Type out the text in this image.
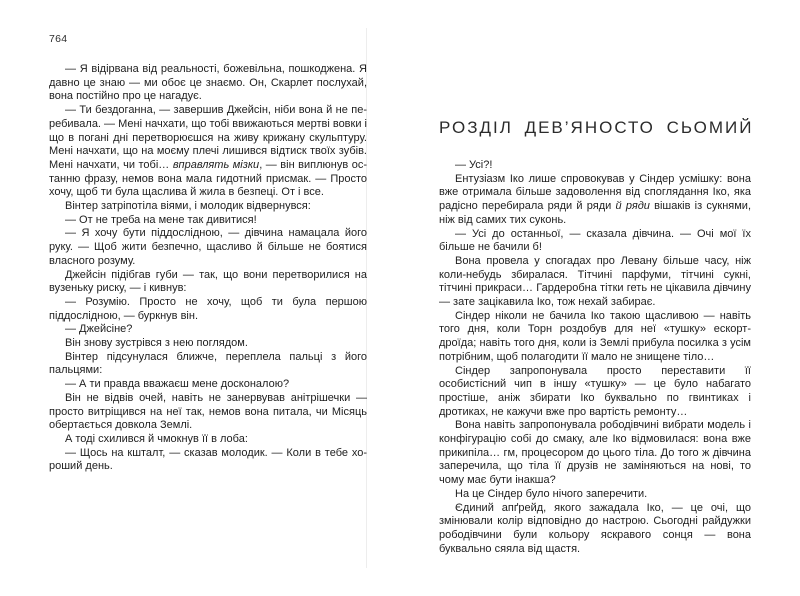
764

— Я відірвана від реальності, божевільна, пошкоджена. Я давно це знаю — ми обоє це знаємо. Он, Скарлет послухай, вона постійно про це нагадує.

— Ти бездоганна, — завершив Джейсін, ніби вона й не перебивала. — Мені начхати, що тобі ввижаються мертві вовки і що в погані дні перетворюєшся на живу крижану скульптуру. Мені начхати, що на моєму плечі лишився відтиск твоїх зубів. Мені начхати, чи тобі… вправлять мізки, — він виплюнув останню фразу, немов вона мала гидотний присмак. — Просто хочу, щоб ти була щаслива й жила в безпеці. От і все.

Вінтер затріпотіла віями, і молодик відвернувся:

— От не треба на мене так дивитися!

— Я хочу бути піддослідною, — дівчина намацала його руку. — Щоб жити безпечно, щасливо й більше не боятися власного розуму.

Джейсін підібгав губи — так, що вони перетворилися на вузеньку риску, — і кивнув:

— Розумію. Просто не хочу, щоб ти була першою піддослідною, — буркнув він.

— Джейсіне?

Він знову зустрівся з нею поглядом.

Вінтер підсунулася ближче, переплела пальці з його пальцями:

— А ти правда вважаєш мене досконалою?

Він не відвів очей, навіть не занервував анітрішечки — просто витріщився на неї так, немов вона питала, чи Місяць обертається довкола Землі.

А тоді схилився й чмокнув її в лоба:

— Щось на кшталт, — сказав молодик. — Коли в тебе хороший день.

РОЗДІЛ ДЕВ’ЯНОСТО СЬОМИЙ

— Усі?!

Ентузіазм Іко лише спровокував у Сіндер усмішку: вона вже отримала більше задоволення від споглядання Іко, яка радісно перебирала ряди й ряди й ряди вішаків із сукнями, ніж від самих тих суконь.

— Усі до останньої, — сказала дівчина. — Очі мої їх більше не бачили б!

Вона провела у спогадах про Левану більше часу, ніж коли-небудь збиралася. Тітчині парфуми, тітчині сукні, тітчині прикраси… Гардеробна тітки геть не цікавила дівчину — зате зацікавила Іко, тож нехай забирає.

Сіндер ніколи не бачила Іко такою щасливою — навіть того дня, коли Торн роздобув для неї «тушку» ескорт-дроїда; навіть того дня, коли із Землі прибула посилка з усім потрібним, щоб полагодити її мало не знищене тіло…

Сіндер запропонувала просто переставити її особистісний чип в іншу «тушку» — це було набагато простіше, аніж збирати Іко буквально по гвинтиках і дротиках, не кажучи вже про вартість ремонту…

Вона навіть запропонувала рободівчині вибрати модель і конфігурацію собі до смаку, але Іко відмовилася: вона вже прикипіла… гм, процесором до цього тіла. До того ж дівчина заперечила, що тіла її друзів не заміняються на нові, то чому має бути інакша?

На це Сіндер було нічого заперечити.

Єдиний апґрейд, якого зажадала Іко, — це очі, що змінювали колір відповідно до настрою. Сьогодні райдужки рободівчини були кольору яскравого сонця — вона буквально сяяла від щастя.
